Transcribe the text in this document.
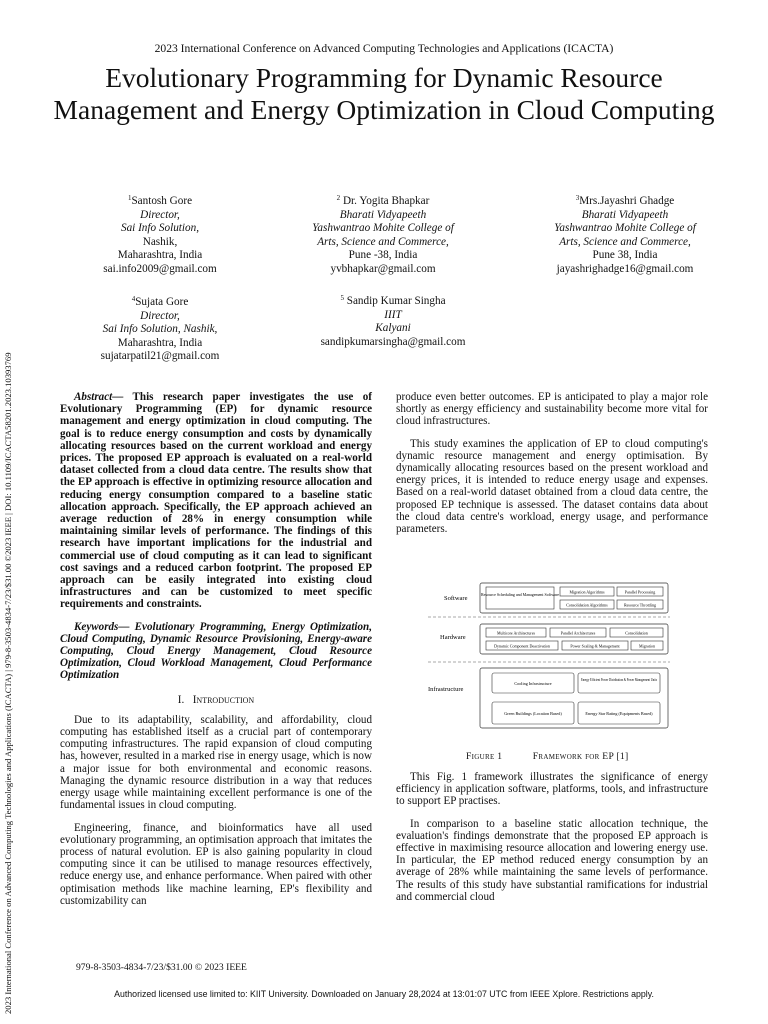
2023 International Conference on Advanced Computing Technologies and Applications (ICACTA) | 979-8-3503-4834-7/23/$31.00 ©2023 IEEE | DOI: 10.1109/ICACTA58201.2023.10393769
2023 International Conference on Advanced Computing Technologies and Applications (ICACTA)
Evolutionary Programming for Dynamic Resource Management and Energy Optimization in Cloud Computing
$^1$Santosh Gore
Director,
Sai Info Solution,
Nashik,
Maharashtra, India
sai.info2009@gmail.com
$^2$ Dr. Yogita Bhapkar
Bharati Vidyapeeth
Yashwantrao Mohite College of
Arts, Science and Commerce,
Pune -38, India
yvbhapkar@gmail.com
$^3$Mrs.Jayashri Ghadge
Bharati Vidyapeeth
Yashwantrao Mohite College of
Arts, Science and Commerce,
Pune 38, India
jayashrighadge16@gmail.com
$^4$Sujata Gore
Director,
Sai Info Solution, Nashik,
Maharashtra, India
sujatarpatil21@gmail.com
$^5$ Sandip Kumar Singha
IIIT
Kalyani
sandipkumarsingha@gmail.com

Abstract— This research paper investigates the use of Evolutionary Programming (EP) for dynamic resource management and energy optimization in cloud computing. The goal is to reduce energy consumption and costs by dynamically allocating resources based on the current workload and energy prices. The proposed EP approach is evaluated on a real-world dataset collected from a cloud data centre. The results show that the EP approach is effective in optimizing resource allocation and reducing energy consumption compared to a baseline static allocation approach. Specifically, the EP approach achieved an average reduction of 28% in energy consumption while maintaining similar levels of performance. The findings of this research have important implications for the industrial and commercial use of cloud computing as it can lead to significant cost savings and a reduced carbon footprint. The proposed EP approach can be easily integrated into existing cloud infrastructures and can be customized to meet specific requirements and constraints.

Keywords— Evolutionary Programming, Energy Optimization, Cloud Computing, Dynamic Resource Provisioning, Energy-aware Computing, Cloud Energy Management, Cloud Resource Optimization, Cloud Workload Management, Cloud Performance Optimization

I. Introduction

Due to its adaptability, scalability, and affordability, cloud computing has established itself as a crucial part of contemporary computing infrastructures. The rapid expansion of cloud computing has, however, resulted in a marked rise in energy usage, which is now a major issue for both environmental and economic reasons. Managing the dynamic resource distribution in a way that reduces energy usage while maintaining excellent performance is one of the fundamental issues in cloud computing.

Engineering, finance, and bioinformatics have all used evolutionary programming, an optimisation approach that imitates the process of natural evolution. EP is also gaining popularity in cloud computing since it can be utilised to manage resources effectively, reduce energy use, and enhance performance. When paired with other optimisation methods like machine learning, EP's flexibility and customizability can

produce even better outcomes. EP is anticipated to play a major role shortly as energy efficiency and sustainability become more vital for cloud infrastructures.

This study examines the application of EP to cloud computing's dynamic resource management and energy optimisation. By dynamically allocating resources based on the present workload and energy prices, it is intended to reduce energy usage and expenses. Based on a real-world dataset obtained from a cloud data centre, the proposed EP technique is assessed. The dataset contains data about the cloud data centre's workload, energy usage, and performance parameters.

Software
Hardware
Infrastructure
Resource Scheduling and Management Software	Migration Algorithms	Parallel Processing
Consolidation Algorithms	Resource Throttling
Multicore Architectures	Parallel Architectures	Consolidation
Dynamic Component Deactivation	Power Scaling & Management	Migration
Cooling Infrastructure
Energy Efficient Power Distribution & Power Management Units
Green Buildings (Location Based)	Energy Star Rating (Equipments Based)
Figure 1	Framework for EP [1]

This Fig. 1 framework illustrates the significance of energy efficiency in application software, platforms, tools, and infrastructure to support EP practises.

In comparison to a baseline static allocation technique, the evaluation's findings demonstrate that the proposed EP approach is effective in maximising resource allocation and lowering energy use. In particular, the EP method reduced energy consumption by an average of 28% while maintaining the same levels of performance. The results of this study have substantial ramifications for industrial and commercial cloud

979-8-3503-4834-7/23/$31.00 © 2023 IEEE
Authorized licensed use limited to: KIIT University. Downloaded on January 28,2024 at 13:01:07 UTC from IEEE Xplore. Restrictions apply.
